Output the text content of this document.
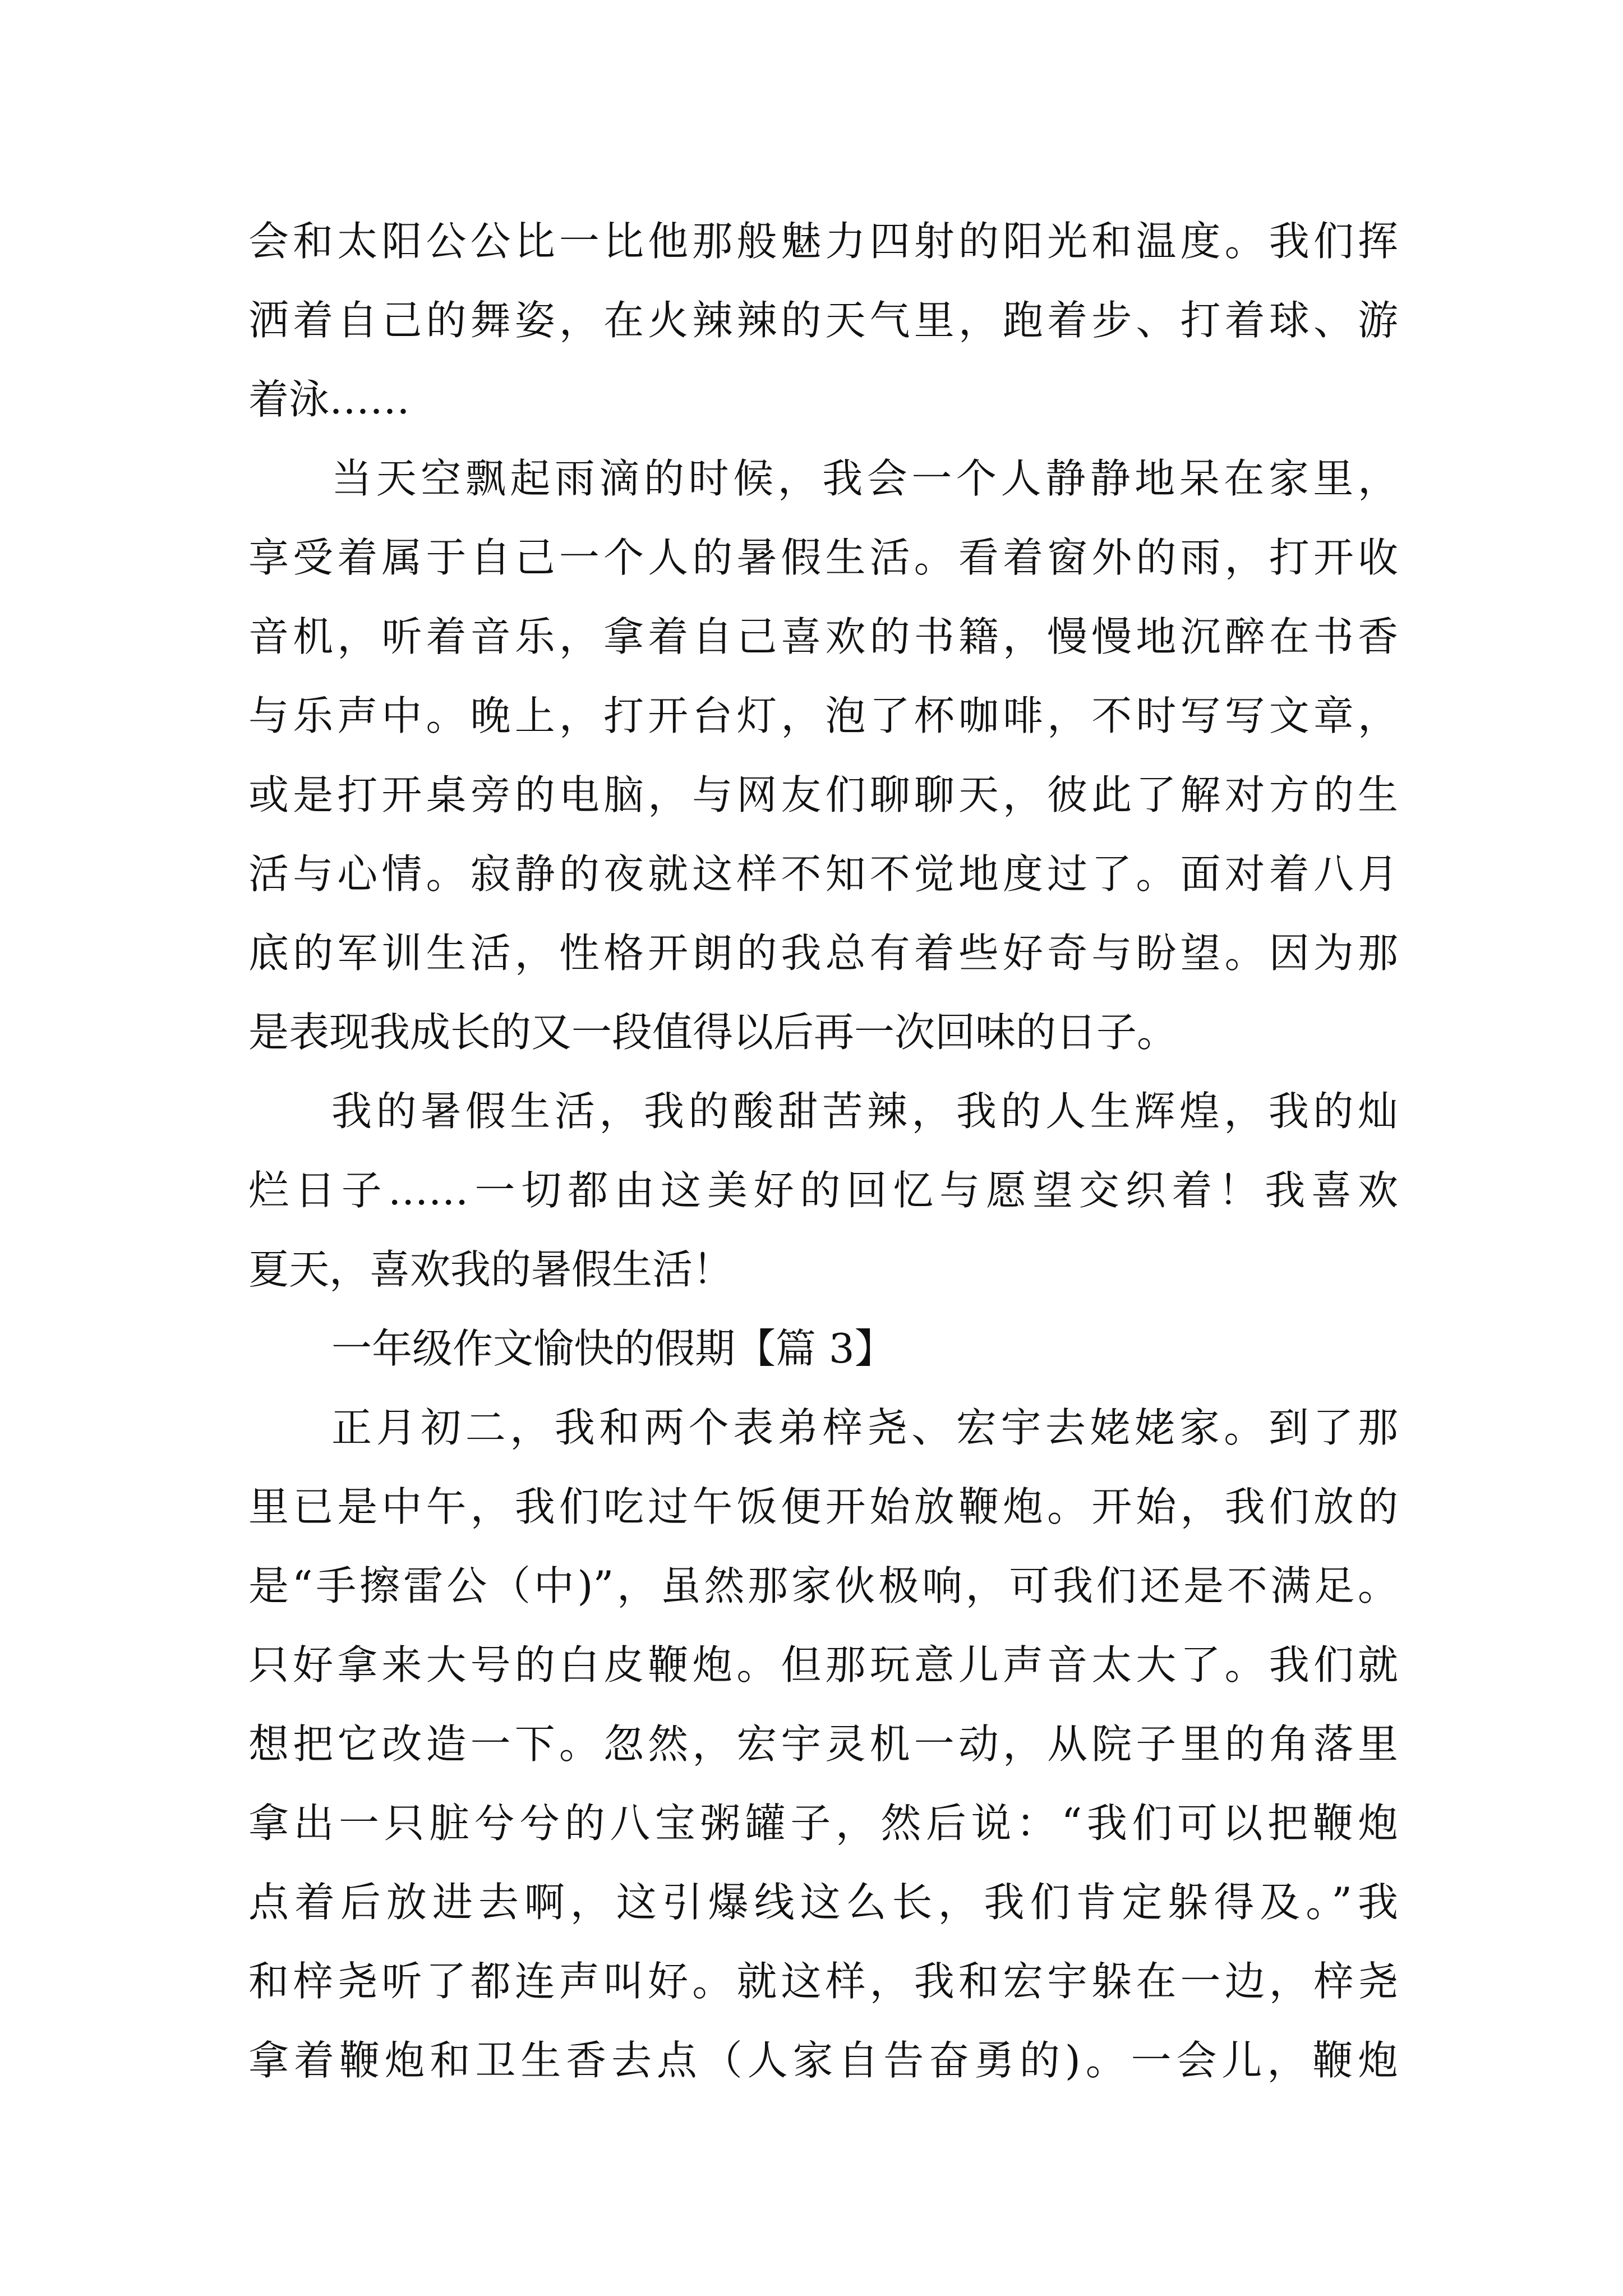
会和太阳公公比一比他那般魅力四射的阳光和温度。我们挥
洒着自己的舞姿，在火辣辣的天气里，跑着步、打着球、游
着泳……
当天空飘起雨滴的时候，我会一个人静静地呆在家里，
享受着属于自己一个人的暑假生活。看着窗外的雨，打开收
音机，听着音乐，拿着自己喜欢的书籍，慢慢地沉醉在书香
与乐声中。晚上，打开台灯，泡了杯咖啡，不时写写文章，
或是打开桌旁的电脑，与网友们聊聊天，彼此了解对方的生
活与心情。寂静的夜就这样不知不觉地度过了。面对着八月
底的军训生活，性格开朗的我总有着些好奇与盼望。因为那
是表现我成长的又一段值得以后再一次回味的日子。
我的暑假生活，我的酸甜苦辣，我的人生辉煌，我的灿
烂日子……一切都由这美好的回忆与愿望交织着！我喜欢
夏天，喜欢我的暑假生活！
一年级作文愉快的假期【篇 3】
正月初二，我和两个表弟梓尧、宏宇去姥姥家。到了那
里已是中午，我们吃过午饭便开始放鞭炮。开始，我们放的
是“手擦雷公（中)”，虽然那家伙极响，可我们还是不满足。
只好拿来大号的白皮鞭炮。但那玩意儿声音太大了。我们就
想把它改造一下。忽然，宏宇灵机一动，从院子里的角落里
拿出一只脏兮兮的八宝粥罐子，然后说：“我们可以把鞭炮
点着后放进去啊，这引爆线这么长，我们肯定躲得及。”我
和梓尧听了都连声叫好。就这样，我和宏宇躲在一边，梓尧
拿着鞭炮和卫生香去点（人家自告奋勇的)。一会儿，鞭炮
